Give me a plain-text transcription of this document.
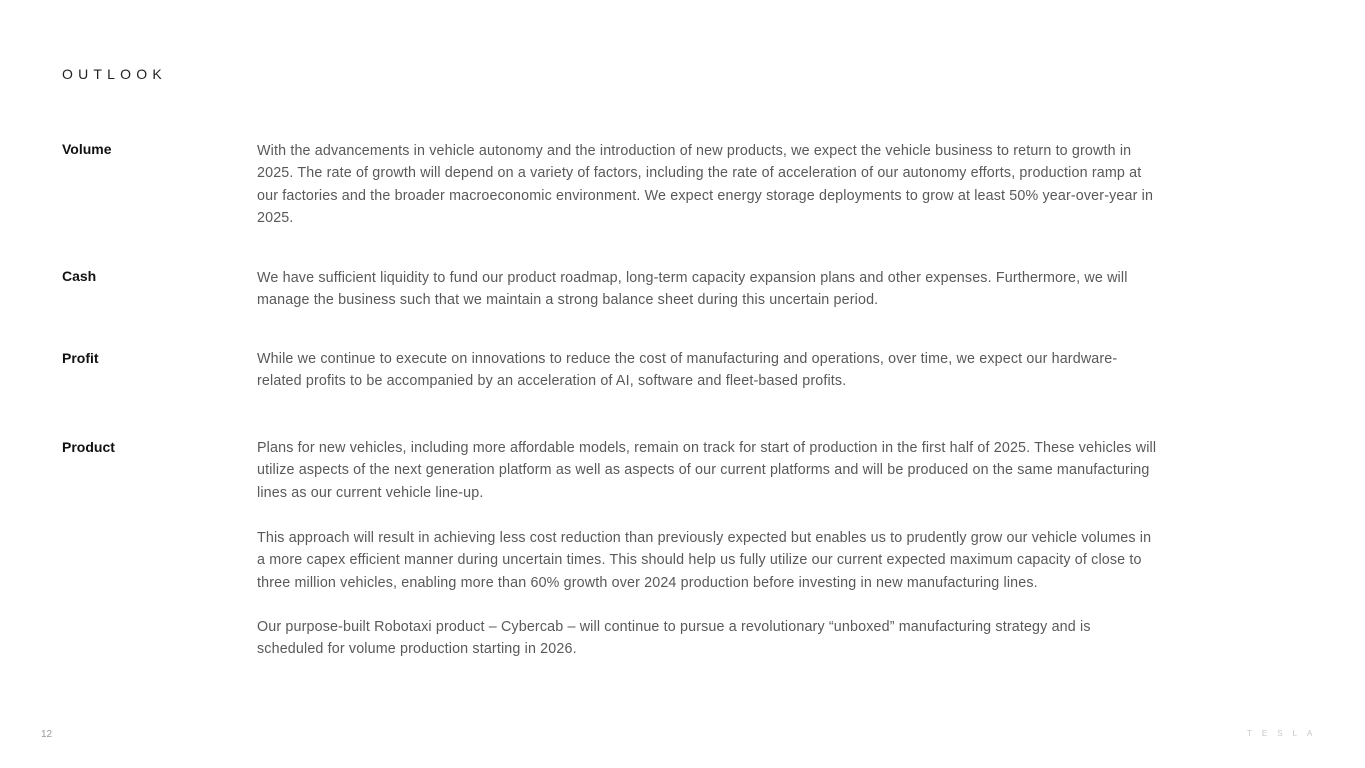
OUTLOOK
Volume	With the advancements in vehicle autonomy and the introduction of new products, we expect the vehicle business to return to growth in 2025. The rate of growth will depend on a variety of factors, including the rate of acceleration of our autonomy efforts, production ramp at our factories and the broader macroeconomic environment. We expect energy storage deployments to grow at least 50% year-over-year in 2025.

Cash	We have sufficient liquidity to fund our product roadmap, long-term capacity expansion plans and other expenses. Furthermore, we will manage the business such that we maintain a strong balance sheet during this uncertain period.

Profit	While we continue to execute on innovations to reduce the cost of manufacturing and operations, over time, we expect our hardware-related profits to be accompanied by an acceleration of AI, software and fleet-based profits.

Product	Plans for new vehicles, including more affordable models, remain on track for start of production in the first half of 2025. These vehicles will utilize aspects of the next generation platform as well as aspects of our current platforms and will be produced on the same manufacturing lines as our current vehicle line-up.

This approach will result in achieving less cost reduction than previously expected but enables us to prudently grow our vehicle volumes in a more capex efficient manner during uncertain times. This should help us fully utilize our current expected maximum capacity of close to three million vehicles, enabling more than 60% growth over 2024 production before investing in new manufacturing lines.

Our purpose-built Robotaxi product – Cybercab – will continue to pursue a revolutionary “unboxed” manufacturing strategy and is scheduled for volume production starting in 2026.

12	TESLA
